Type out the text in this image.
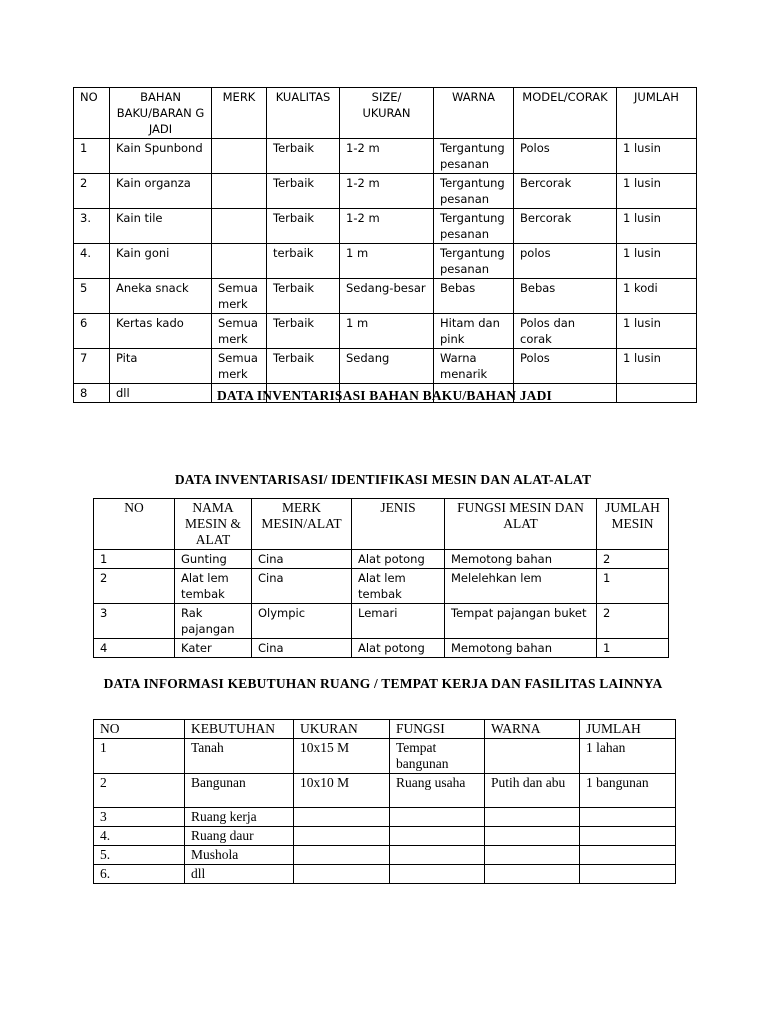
NO	BAHAN BAKU/BARAN G JADI	MERK	KUALITAS	SIZE/ UKURAN	WARNA	MODEL/CORAK	JUMLAH
1	Kain Spunbond		Terbaik	1-2 m	Tergantung pesanan	Polos	1 lusin
2	Kain organza		Terbaik	1-2 m	Tergantung pesanan	Bercorak	1 lusin
3.	Kain tile		Terbaik	1-2 m	Tergantung pesanan	Bercorak	1 lusin
4.	Kain goni		terbaik	1 m	Tergantung pesanan	polos	1 lusin
5	Aneka snack	Semua merk	Terbaik	Sedang-besar	Bebas	Bebas	1 kodi
6	Kertas kado	Semua merk	Terbaik	1 m	Hitam dan pink	Polos dan corak	1 lusin
7	Pita	Semua merk	Terbaik	Sedang	Warna menarik	Polos	1 lusin
8	dll							DATA INVENTARISASI BAHAN BAKU/BAHAN JADI
DATA INVENTARISASI/ IDENTIFIKASI MESIN DAN ALAT-ALAT
NO	NAMA MESIN & ALAT	MERK MESIN/ALAT	JENIS	FUNGSI MESIN DAN ALAT	JUMLAH MESIN
1	Gunting	Cina	Alat potong	Memotong bahan	2
2	Alat lem tembak	Cina	Alat lem tembak	Melelehkan lem	1
3	Rak pajangan	Olympic	Lemari	Tempat pajangan buket	2
4	Kater	Cina	Alat potong	Memotong bahan	1
DATA INFORMASI KEBUTUHAN RUANG / TEMPAT KERJA DAN FASILITAS LAINNYA
NO	KEBUTUHAN	UKURAN	FUNGSI	WARNA	JUMLAH
1	Tanah	10x15 M	Tempat bangunan		1 lahan
2	Bangunan	10x10 M	Ruang usaha	Putih dan abu	1 bangunan
3	Ruang kerja				
4.	Ruang daur				
5.	Mushola				
6.	dll				
